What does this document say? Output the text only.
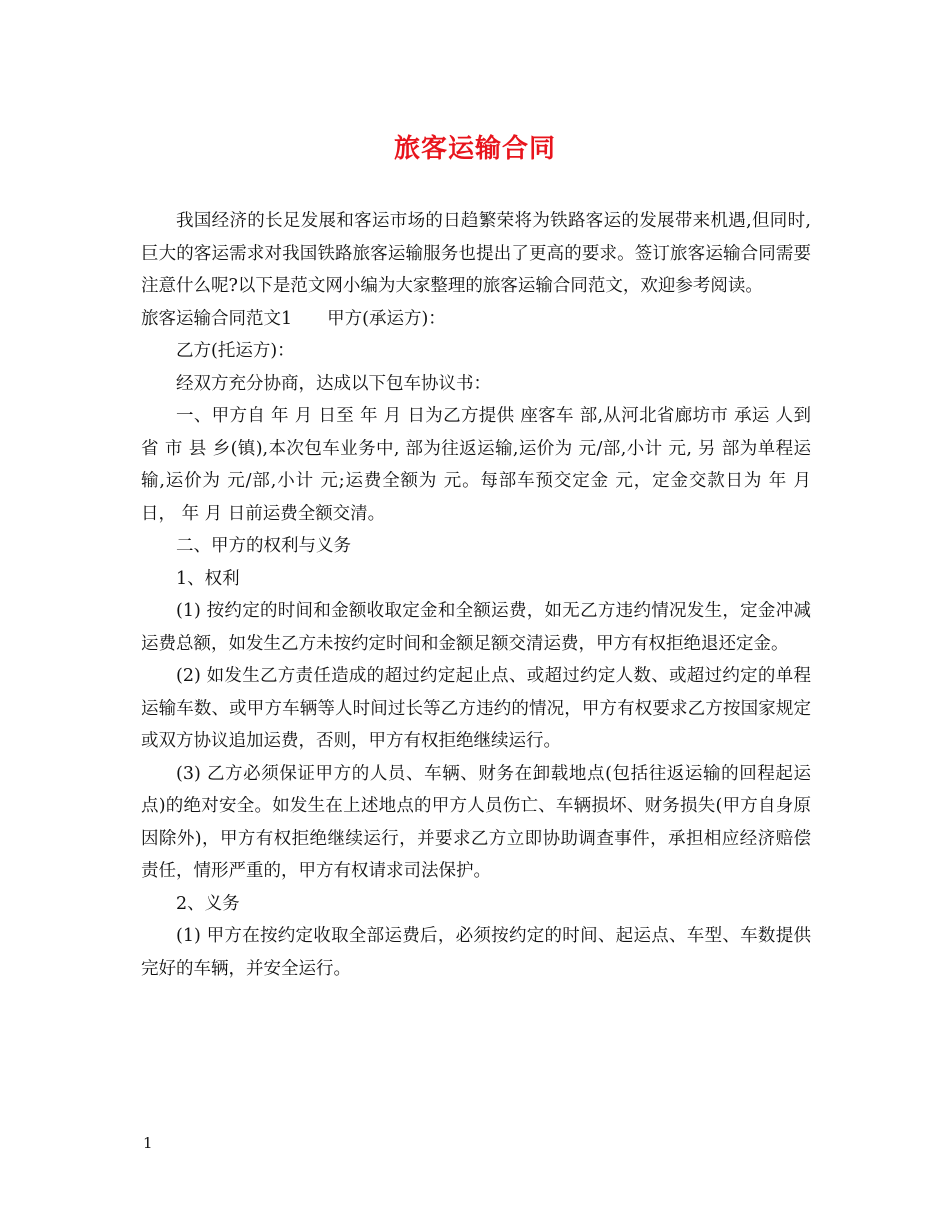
旅客运输合同

我国经济的长足发展和客运市场的日趋繁荣将为铁路客运的发展带来机遇,但同时,巨大的客运需求对我国铁路旅客运输服务也提出了更高的要求。签订旅客运输合同需要注意什么呢?以下是范文网小编为大家整理的旅客运输合同范文，欢迎参考阅读。

旅客运输合同范文1　　甲方(承运方)：

乙方(托运方)：

经双方充分协商，达成以下包车协议书：

一、甲方自 年 月 日至 年 月 日为乙方提供 座客车 部,从河北省廊坊市 承运 人到 省 市 县 乡(镇),本次包车业务中, 部为往返运输,运价为 元/部,小计 元, 另 部为单程运输,运价为 元/部,小计 元;运费全额为 元。每部车预交定金 元，定金交款日为 年 月 日， 年 月 日前运费全额交清。

二、甲方的权利与义务

1、权利

(1) 按约定的时间和金额收取定金和全额运费，如无乙方违约情况发生，定金冲减运费总额，如发生乙方未按约定时间和金额足额交清运费，甲方有权拒绝退还定金。

(2) 如发生乙方责任造成的超过约定起止点、或超过约定人数、或超过约定的单程运输车数、或甲方车辆等人时间过长等乙方违约的情况，甲方有权要求乙方按国家规定或双方协议追加运费，否则，甲方有权拒绝继续运行。

(3) 乙方必须保证甲方的人员、车辆、财务在卸载地点(包括往返运输的回程起运点)的绝对安全。如发生在上述地点的甲方人员伤亡、车辆损坏、财务损失(甲方自身原因除外)，甲方有权拒绝继续运行，并要求乙方立即协助调查事件，承担相应经济赔偿责任，情形严重的，甲方有权请求司法保护。

2、义务

(1) 甲方在按约定收取全部运费后，必须按约定的时间、起运点、车型、车数提供完好的车辆，并安全运行。

1
